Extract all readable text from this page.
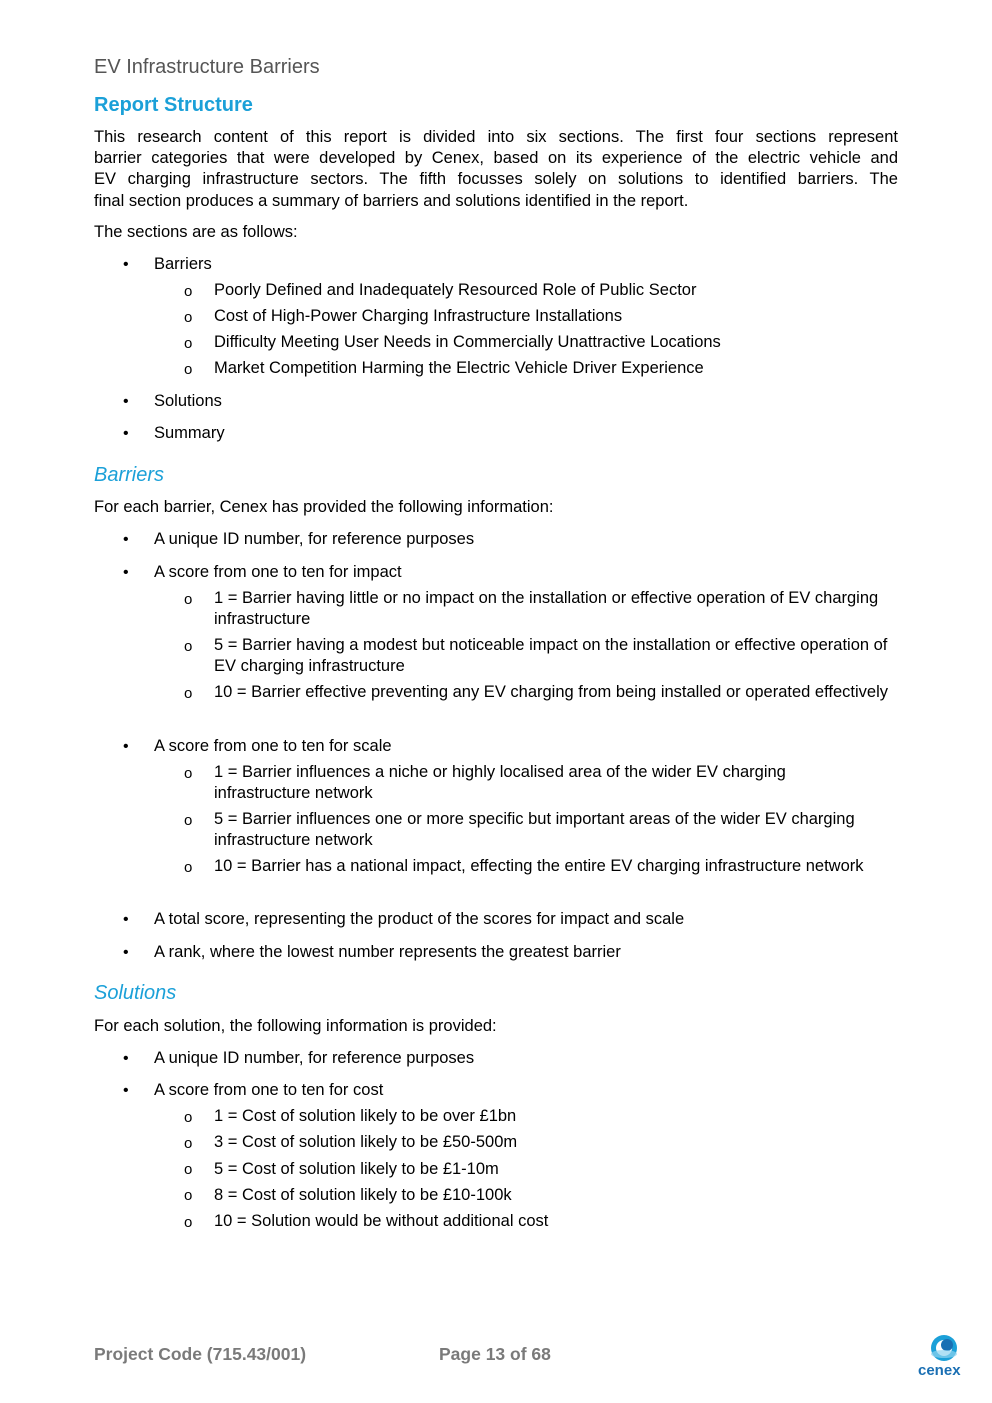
EV Infrastructure Barriers
Report Structure
This research content of this report is divided into six sections. The first four sections represent
barrier categories that were developed by Cenex, based on its experience of the electric vehicle and
EV charging infrastructure sectors. The fifth focusses solely on solutions to identified barriers. The
final section produces a summary of barriers and solutions identified in the report.
The sections are as follows:
• Barriers
o Poorly Defined and Inadequately Resourced Role of Public Sector
o Cost of High-Power Charging Infrastructure Installations
o Difficulty Meeting User Needs in Commercially Unattractive Locations
o Market Competition Harming the Electric Vehicle Driver Experience
• Solutions
• Summary
Barriers
For each barrier, Cenex has provided the following information:
• A unique ID number, for reference purposes
• A score from one to ten for impact
o 1 = Barrier having little or no impact on the installation or effective operation of EV charging infrastructure
o 5 = Barrier having a modest but noticeable impact on the installation or effective operation of EV charging infrastructure
o 10 = Barrier effective preventing any EV charging from being installed or operated effectively
• A score from one to ten for scale
o 1 = Barrier influences a niche or highly localised area of the wider EV charging infrastructure network
o 5 = Barrier influences one or more specific but important areas of the wider EV charging infrastructure network
o 10 = Barrier has a national impact, effecting the entire EV charging infrastructure network
• A total score, representing the product of the scores for impact and scale
• A rank, where the lowest number represents the greatest barrier
Solutions
For each solution, the following information is provided:
• A unique ID number, for reference purposes
• A score from one to ten for cost
o 1 = Cost of solution likely to be over £1bn
o 3 = Cost of solution likely to be £50-500m
o 5 = Cost of solution likely to be £1-10m
o 8 = Cost of solution likely to be £10-100k
o 10 = Solution would be without additional cost
Project Code (715.43/001)	Page 13 of 68
cenex
